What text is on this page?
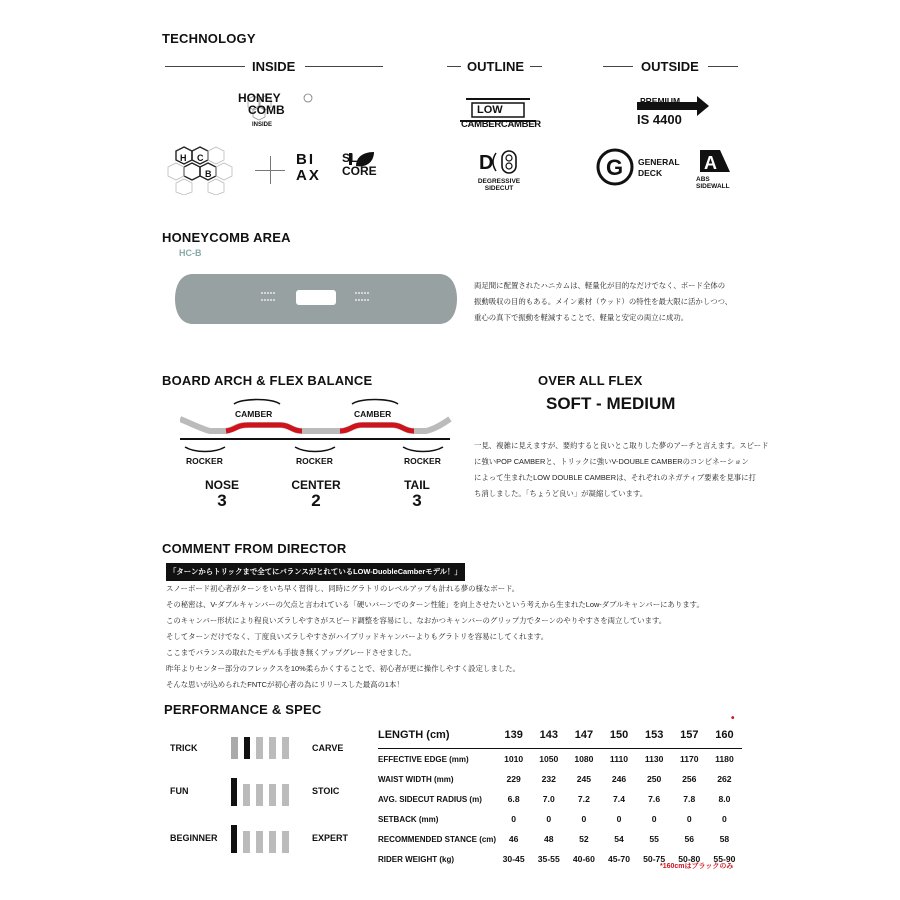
TECHNOLOGY
INSIDE	OUTLINE	OUTSIDE
HONEY
COMB
INSIDE
H C
B
BI
AX
SL
CORE
LOW
CAMBERCAMBER
D
DEGRESSIVE
SIDECUT
PREMIUM
IS 4400
G GENERAL
DECK	A
ABS
SIDEWALL
HONEYCOMB AREA
HC-B
両足間に配置されたハニカムは、軽量化が目的なだけでなく、ボード全体の
振動吸収の目的もある。メイン素材（ウッド）の特性を最大限に活かしつつ、
重心の真下で振動を軽減することで、軽量と安定の両立に成功。
BOARD ARCH & FLEX BALANCE
CAMBER	CAMBER
ROCKER	ROCKER	ROCKER
NOSE
3
CENTER
2
TAIL
3
OVER ALL FLEX
SOFT - MEDIUM
一見、複雑に見えますが、要約すると良いとこ取りした夢のアーチと言えます。スピード
に強いPOP CAMBERと、トリックに強いV-DOUBLE CAMBERのコンビネーション
によって生まれたLOW DOUBLE CAMBERは、それぞれのネガティブ要素を見事に打
ち消しました。「ちょうど良い」が凝縮しています。
COMMENT FROM DIRECTOR
「ターンからトリックまで全てにバランスがとれているLOW-DuobleCamberモデル！」
スノーボード初心者がターンをいち早く習得し、同時にグラトリのレベルアップも計れる夢の様なボード。
その秘密は、V-ダブルキャンバーの欠点と言われている「硬いバーンでのターン性能」を向上させたいという考えから生まれたLow-ダブルキャンバーにあります。
このキャンバー形状により程良いズラしやすさがスピード調整を容易にし、なおかつキャンバーのグリップ力でターンのやりやすさを両立しています。
そしてターンだけでなく、丁度良いズラしやすさがハイブリッドキャンバーよりもグラトリを容易にしてくれます。
ここまでバランスの取れたモデルも手抜き無くアップグレードさせました。
昨年よりセンター部分のフレックスを10%柔らかくすることで、初心者が更に操作しやすく設定しました。
そんな思いが込められたFNTCが初心者の為にリリースした最高の1本！
PERFORMANCE & SPEC
TRICK	CARVE
FUN	STOIC
BEGINNER	EXPERT
•
LENGTH (cm)	139	143	147	150	153	157	160
EFFECTIVE EDGE (mm)	1010	1050	1080	1110	1130	1170	1180
WAIST WIDTH (mm)	229	232	245	246	250	256	262
AVG. SIDECUT RADIUS (m)	6.8	7.0	7.2	7.4	7.6	7.8	8.0
SETBACK (mm)	0	0	0	0	0	0	0
RECOMMENDED STANCE (cm)	46	48	52	54	55	56	58
RIDER WEIGHT (kg)	30-45	35-55	40-60	45-70	50-75	50-80	55-90
*160cmはブラックのみ
